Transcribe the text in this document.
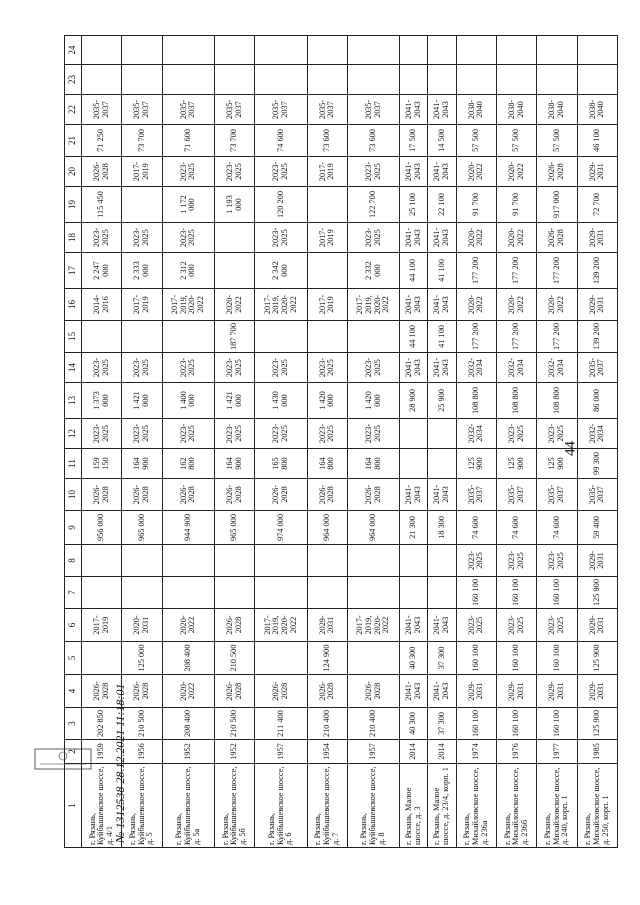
44
1	2	3	4	5	6	7	8	9	10	11	12	13	14	15	16	17	18	19	20	21	22	23	24
г. Рязань, Куйбышевское шоссе, д. 4/1	1959	202 850	2026-2028		2017-2019			956 000	2026-2028	159 150	2023-2025	1 373 000	2023-2025		2014-2016	2 247 000	2023-2025	115 450	2026-2028	71 250	2035-2037		
г. Рязань, Куйбышевское шоссе, д. 5	1956	210 500	2026-2028	125 000	2020-2031			965 000	2026-2028	164 900	2023-2025	1 421 000	2023-2025		2017-2019	2 333 000	2023-2025		2017-2019	73 700	2035-2037		
г. Рязань, Куйбышевское шоссе, д. 5а	1952	208 400	2020-2022	208 400	2020-2022			944 900	2026-2028	162 800	2023-2025	1 400 000	2023-2025		2017-2019, 2020-2022	2 312 000	2023-2025	1 172 000	2023-2025	71 600	2035-2037		
г. Рязань, Куйбышевское шоссе, д. 5б	1952	210 500	2026-2028	210 500	2026-2028			965 000	2026-2028	164 900	2023-2025	1 421 000	2023-2025	187 700	2020-2022			1 193 000	2023-2025	73 700	2035-2037		
г. Рязань, Куйбышевское шоссе, д. 6	1957	211 400	2026-2028		2017-2019, 2020-2022			974 000	2026-2028	165 800	2023-2025	1 430 000	2023-2025		2017-2019, 2020-2022	2 342 000	2023-2025	120 200	2023-2025	74 600	2035-2037		
г. Рязань, Куйбышевское шоссе, д. 7	1954	210 400	2026-2028	124 900	2029-2031			964 000	2026-2028	164 800	2023-2025	1 420 000	2023-2025		2017-2019		2017-2019		2017-2019	73 600	2035-2037		
г. Рязань, Куйбышевское шоссе, д. 8	1957	210 400	2026-2028		2017-2019, 2020-2022			964 000	2026-2028	164 800	2023-2025	1 420 000	2023-2025		2017-2019, 2020-2022	2 332 000	2023-2025	122 700	2023-2025	73 600	2035-2037		
г. Рязань, Малое шоссе, д. 3	2014	40 300	2041-2043	40 300	2041-2043			21 300	2041-2043			28 900	2041-2043	44 100	2041-2043	44 100	2041-2043	25 100	2041-2043	17 500	2041-2043		
г. Рязань, Малое шоссе, д. 23/4, корп. 1	2014	37 300	2041-2043	37 300	2041-2043			18 300	2041-2043			25 900	2041-2043	41 100	2041-2043	41 100	2041-2043	22 100	2041-2043	14 500	2041-2043		
г. Рязань, Михайловское шоссе, д. 236а	1974	160 100	2029-2031	160 100	2023-2025	160 100	2023-2025	74 600	2035-2037	125 900	2032-2034	108 800	2032-2034	177 200	2020-2022	177 200	2020-2022	91 700	2020-2022	57 500	2038-2040		
г. Рязань, Михайловское шоссе, д. 236б	1976	160 100	2029-2031	160 100	2023-2025	160 100	2023-2025	74 600	2035-2037	125 900	2023-2025	108 800	2032-2034	177 200	2020-2022	177 200	2020-2022	91 700	2020-2022	57 500	2038-2040		
г. Рязань, Михайловское шоссе, д. 240, корп. 1	1977	160 100	2029-2031	160 100	2023-2025	160 100	2023-2025	74 600	2035-2037	125 900	2023-2025	108 800	2032-2034	177 200	2020-2022	177 200	2026-2028	917 000	2026-2028	57 500	2038-2040		
г. Рязань, Михайловское шоссе, д. 250, корп. 1	1985	125 900	2029-2031	125 900	2029-2031	125 900	2029-2031	59 400	2035-2037	99 300	2032-2034	86 000	2035-2037	139 200	2029-2031	139 200	2029-2031	72 700	2029-2031	46 100	2038-2040		
№ 1312538 28.12.2021 11:18:01
